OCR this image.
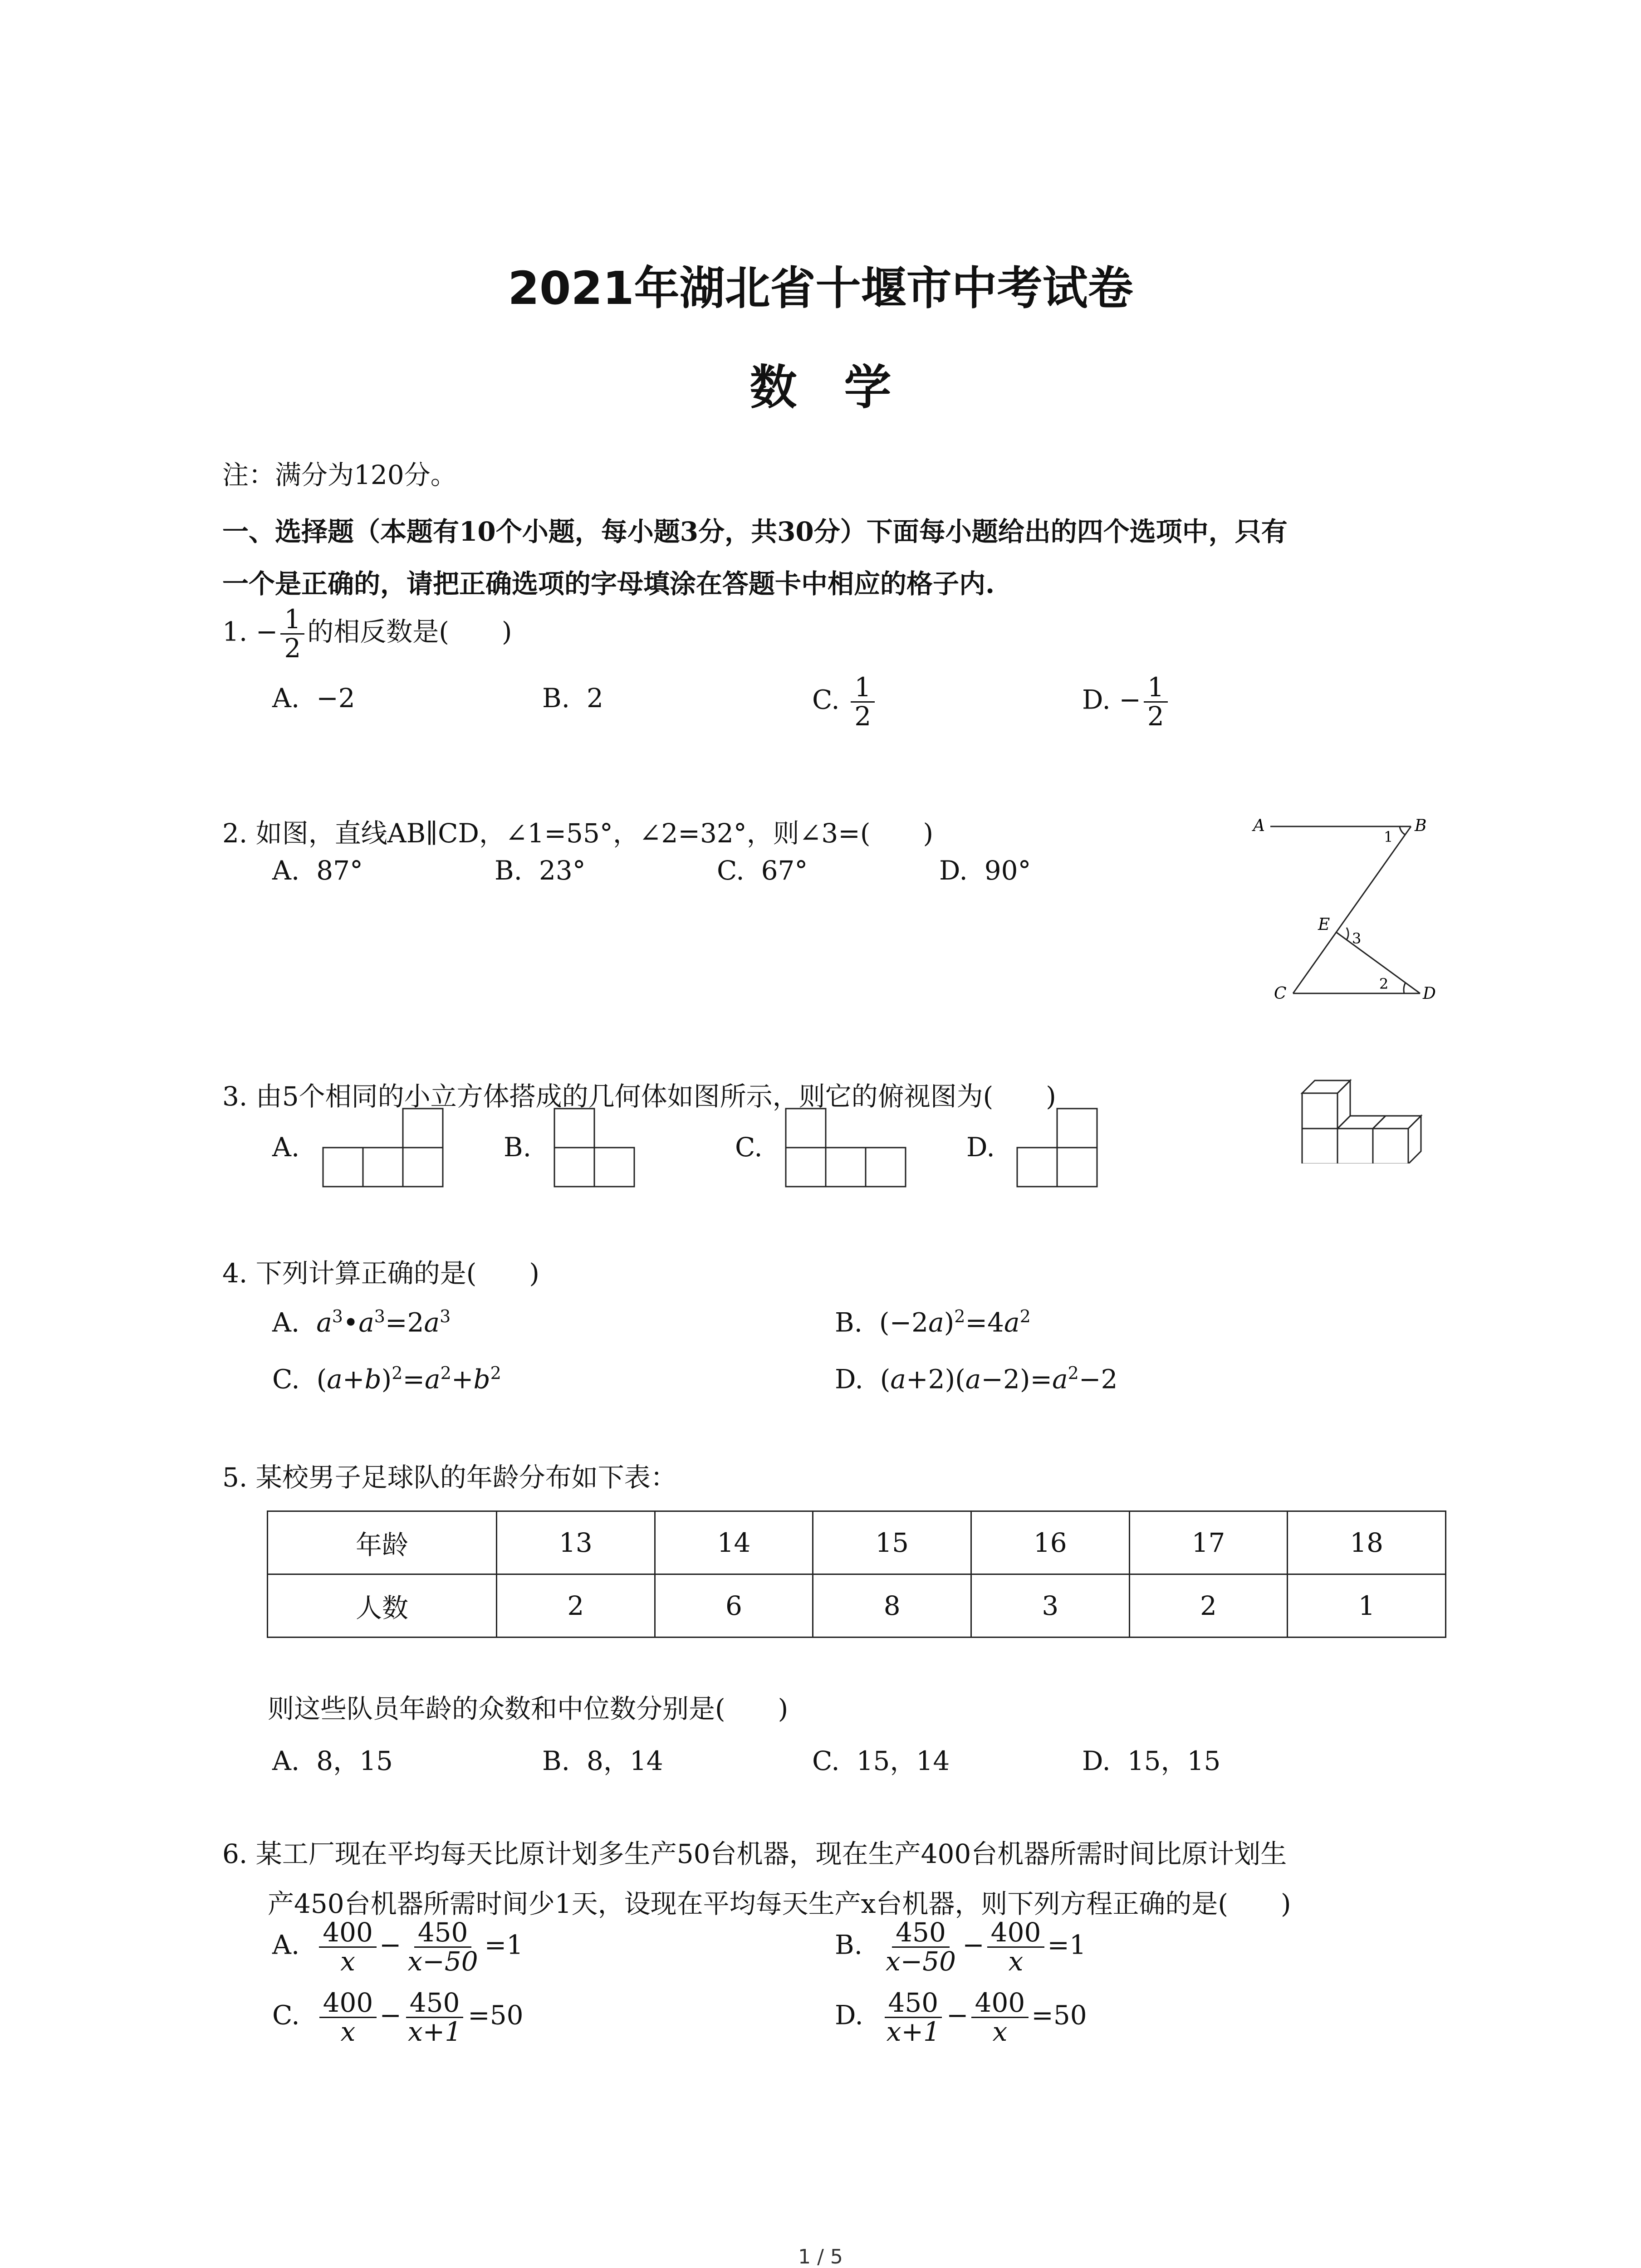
2021年湖北省十堰市中考试卷
数　学
注：满分为120分。
一、选择题（本题有10个小题，每小题3分，共30分）下面每小题给出的四个选项中，只有
一个是正确的，请把正确选项的字母填涂在答题卡中相应的格子内.
1. − $\frac{1}{2}$ 的相反数是(　　)
A. −2	B. 2	C. $\frac{1}{2}$	D. − $\frac{1}{2}$
2. 如图，直线AB∥CD，∠1=55°，∠2=32°，则∠3=(　　)
A. 87°	B. 23°	C. 67°	D. 90°
A	B
1
E
3
2
C	D
3. 由5个相同的小立方体搭成的几何体如图所示，则它的俯视图为(　　)
A.	B.	C.	D.
4. 下列计算正确的是(　　)
A. $a^3•a^3=2a^3$	B.  $(-2a)^2=4a^2$
C.  $(a+b)^2=a^2+b^2$	D.  $(a+2)(a-2)=a^2-2$
5. 某校男子足球队的年龄分布如下表：
年龄	13	14	15	16	17	18
人数	2	6	8	3	2	1
则这些队员年龄的众数和中位数分别是(　　)
A. 8，15	B. 8，14	C. 15，14	D. 15，15
6. 某工厂现在平均每天比原计划多生产50台机器，现在生产400台机器所需时间比原计划生
产450台机器所需时间少1天，设现在平均每天生产x台机器，则下列方程正确的是(　　)
A. $\frac{400}{x} - \frac{450}{x-50} =1$	B. $\frac{450}{x-50} - \frac{400}{x} =1$
C. $\frac{400}{x} - \frac{450}{x+1} =50$	D. $\frac{450}{x+1} - \frac{400}{x} =50$
1 / 5
